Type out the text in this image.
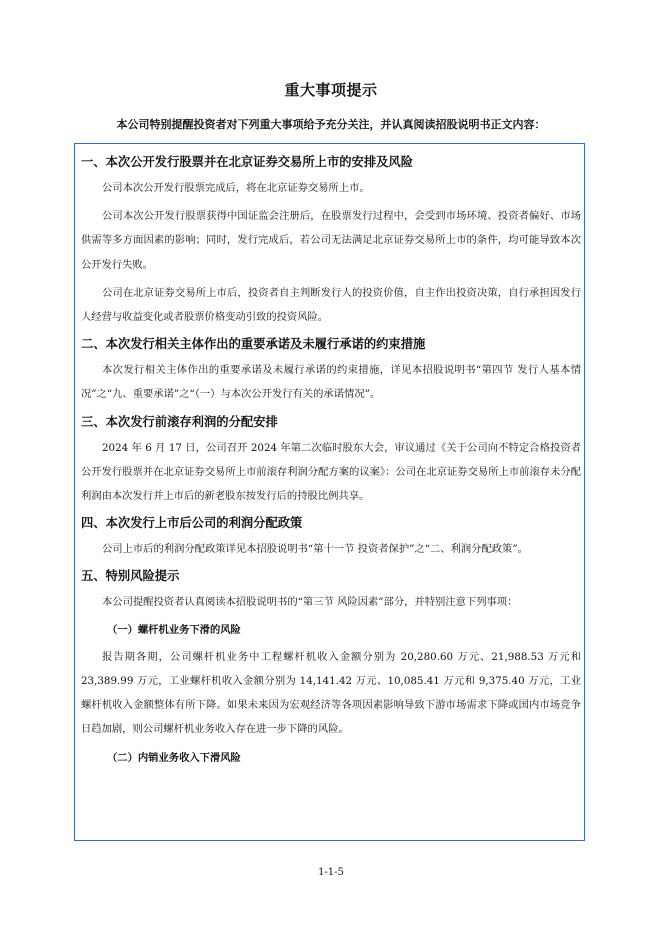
重大事项提示
本公司特别提醒投资者对下列重大事项给予充分关注，并认真阅读招股说明书正文内容：
一、本次公开发行股票并在北京证券交易所上市的安排及风险

公司本次公开发行股票完成后，将在北京证券交易所上市。

公司本次公开发行股票获得中国证监会注册后，在股票发行过程中，会受到市场环境、投资者偏好、市场供需等多方面因素的影响；同时，发行完成后，若公司无法满足北京证券交易所上市的条件，均可能导致本次公开发行失败。

公司在北京证券交易所上市后，投资者自主判断发行人的投资价值，自主作出投资决策，自行承担因发行人经营与收益变化或者股票价格变动引致的投资风险。

二、本次发行相关主体作出的重要承诺及未履行承诺的约束措施

本次发行相关主体作出的重要承诺及未履行承诺的约束措施，详见本招股说明书“第四节 发行人基本情况”之“九、重要承诺”之“（一）与本次公开发行有关的承诺情况”。

三、本次发行前滚存利润的分配安排

2024 年 6 月 17 日，公司召开 2024 年第二次临时股东大会，审议通过《关于公司向不特定合格投资者公开发行股票并在北京证券交易所上市前滚存利润分配方案的议案》：公司在北京证券交易所上市前滚存未分配利润由本次发行并上市后的新老股东按发行后的持股比例共享。

四、本次发行上市后公司的利润分配政策

公司上市后的利润分配政策详见本招股说明书“第十一节 投资者保护”之“二、利润分配政策”。

五、特别风险提示

本公司提醒投资者认真阅读本招股说明书的“第三节 风险因素”部分，并特别注意下列事项：

（一）螺杆机业务下滑的风险

报告期各期，公司螺杆机业务中工程螺杆机收入金额分别为 20,280.60 万元、21,988.53 万元和 23,389.99 万元，工业螺杆机收入金额分别为 14,141.42 万元、10,085.41 万元和 9,375.40 万元，工业螺杆机收入金额整体有所下降。如果未来因为宏观经济等各项因素影响导致下游市场需求下降或国内市场竞争日趋加剧，则公司螺杆机业务收入存在进一步下降的风险。

（二）内销业务收入下滑风险
1-1-5
